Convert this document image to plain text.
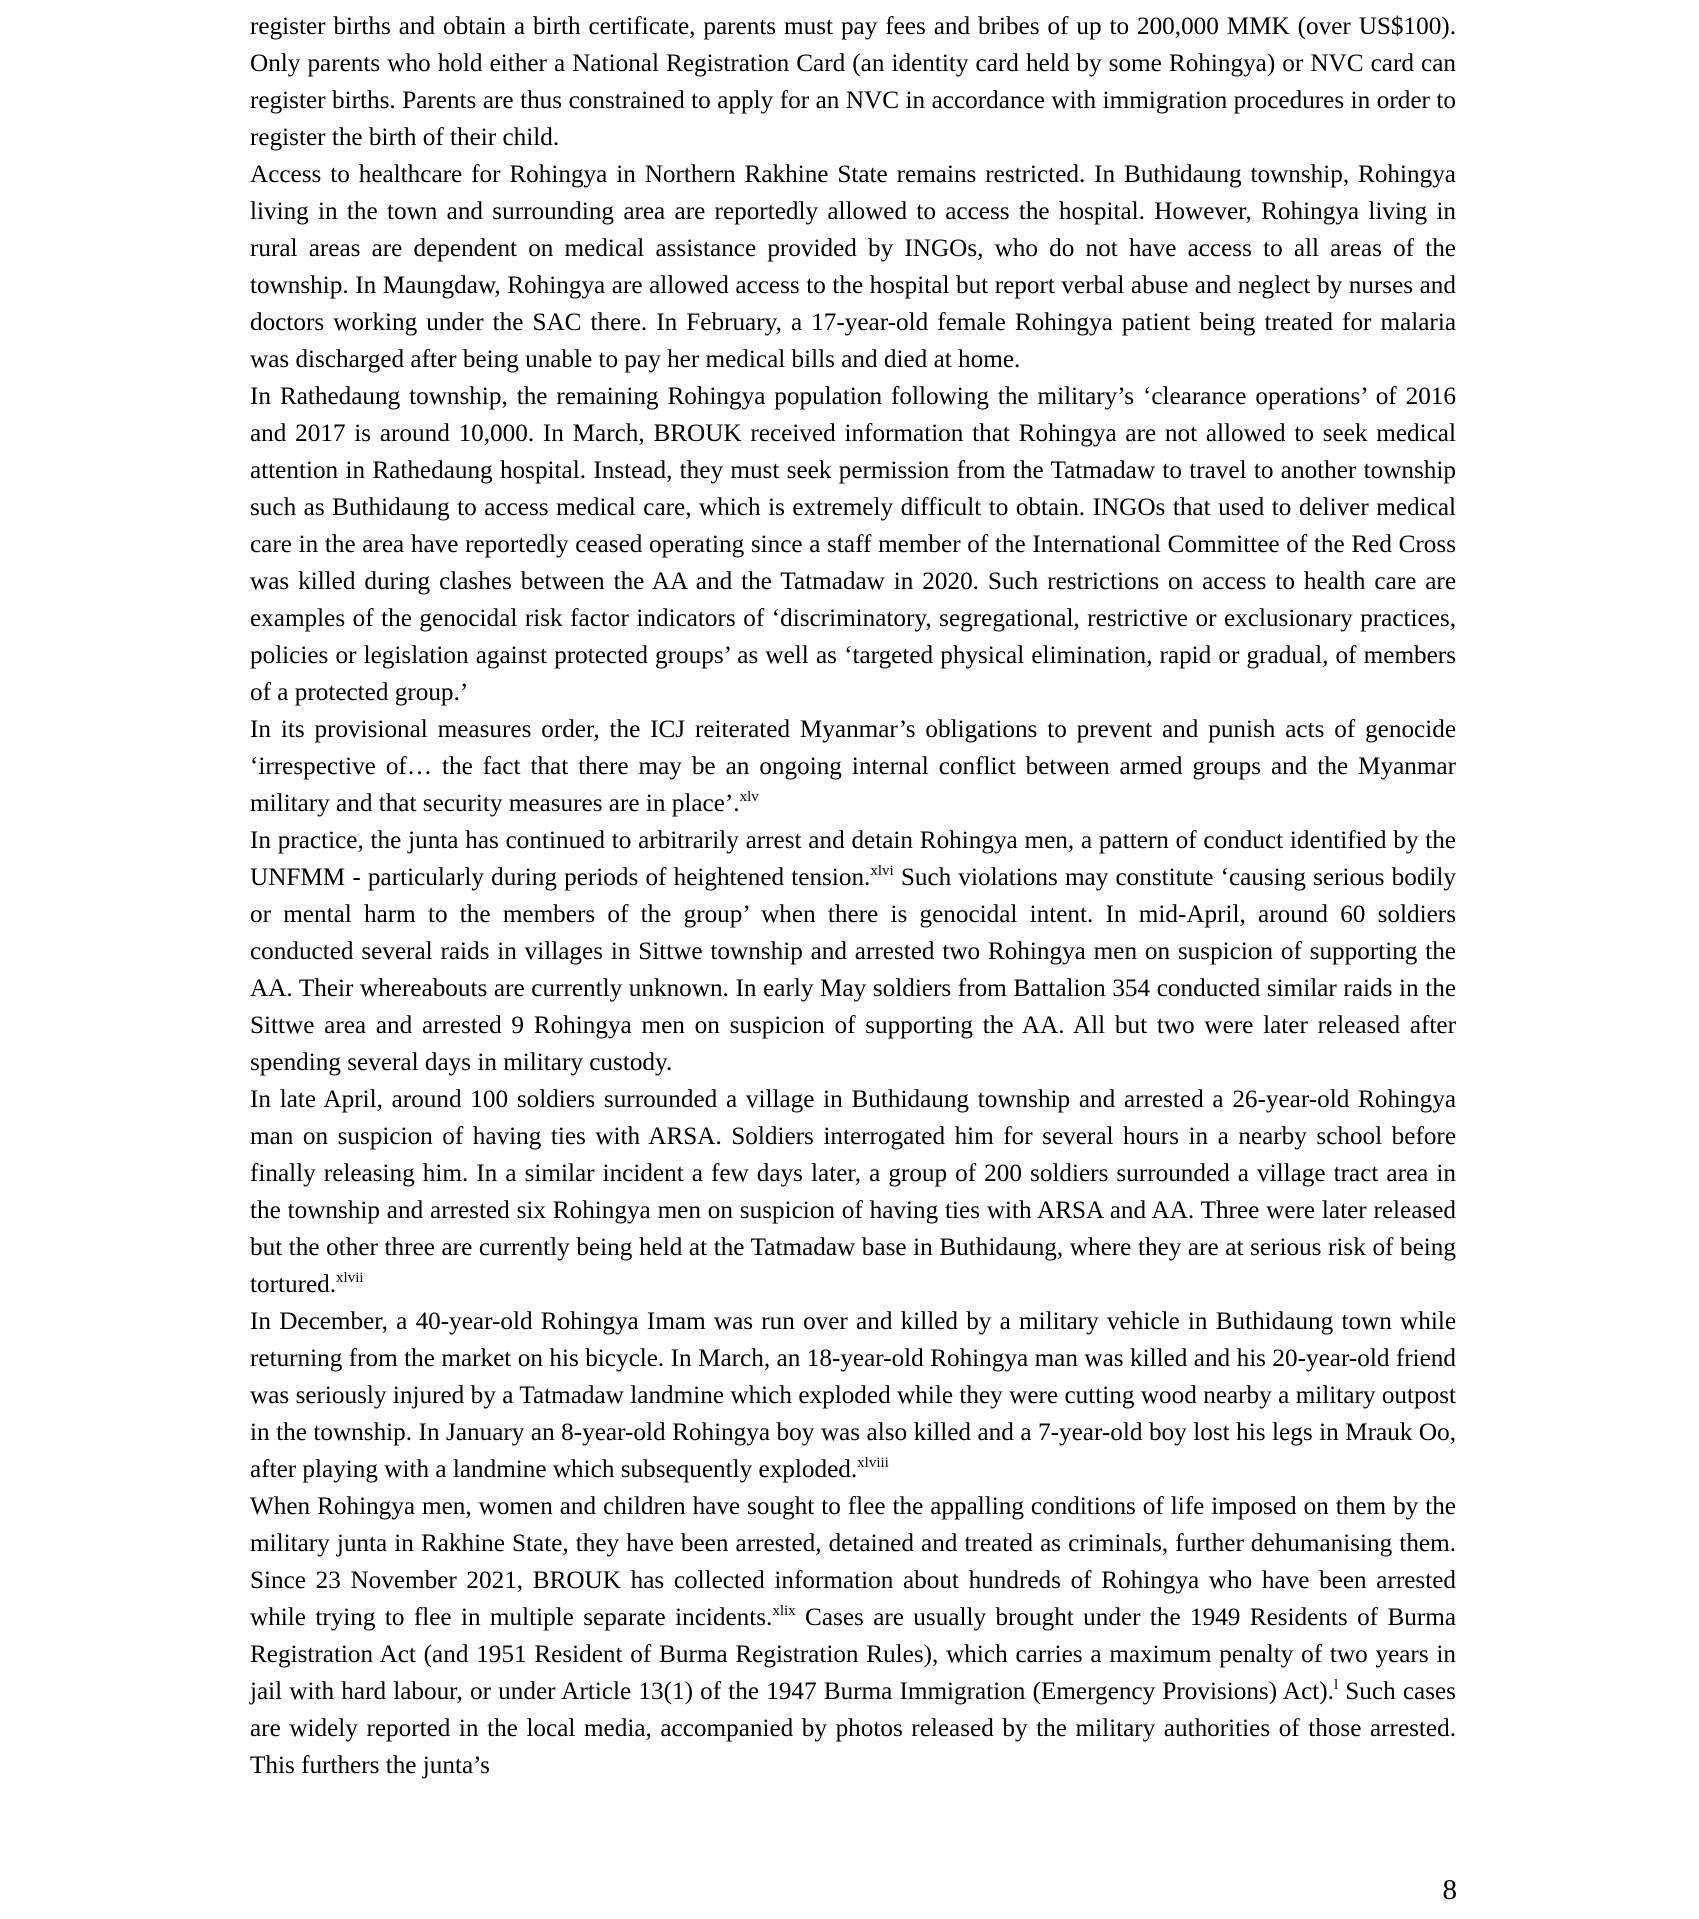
register births and obtain a birth certificate, parents must pay fees and bribes of up to 200,000 MMK (over US$100). Only parents who hold either a National Registration Card (an identity card held by some Rohingya) or NVC card can register births. Parents are thus constrained to apply for an NVC in accordance with immigration procedures in order to register the birth of their child.

Access to healthcare for Rohingya in Northern Rakhine State remains restricted. In Buthidaung township, Rohingya living in the town and surrounding area are reportedly allowed to access the hospital. However, Rohingya living in rural areas are dependent on medical assistance provided by INGOs, who do not have access to all areas of the township. In Maungdaw, Rohingya are allowed access to the hospital but report verbal abuse and neglect by nurses and doctors working under the SAC there. In February, a 17-year-old female Rohingya patient being treated for malaria was discharged after being unable to pay her medical bills and died at home.

In Rathedaung township, the remaining Rohingya population following the military’s ‘clearance operations’ of 2016 and 2017 is around 10,000. In March, BROUK received information that Rohingya are not allowed to seek medical attention in Rathedaung hospital. Instead, they must seek permission from the Tatmadaw to travel to another township such as Buthidaung to access medical care, which is extremely difficult to obtain. INGOs that used to deliver medical care in the area have reportedly ceased operating since a staff member of the International Committee of the Red Cross was killed during clashes between the AA and the Tatmadaw in 2020. Such restrictions on access to health care are examples of the genocidal risk factor indicators of ‘discriminatory, segregational, restrictive or exclusionary practices, policies or legislation against protected groups’ as well as ‘targeted physical elimination, rapid or gradual, of members of a protected group.’

In its provisional measures order, the ICJ reiterated Myanmar’s obligations to prevent and punish acts of genocide ‘irrespective of… the fact that there may be an ongoing internal conflict between armed groups and the Myanmar military and that security measures are in place’.$^{xlv}$

In practice, the junta has continued to arbitrarily arrest and detain Rohingya men, a pattern of conduct identified by the UNFMM - particularly during periods of heightened tension.$^{xlvi}$ Such violations may constitute ‘causing serious bodily or mental harm to the members of the group’ when there is genocidal intent. In mid-April, around 60 soldiers conducted several raids in villages in Sittwe township and arrested two Rohingya men on suspicion of supporting the AA. Their whereabouts are currently unknown. In early May soldiers from Battalion 354 conducted similar raids in the Sittwe area and arrested 9 Rohingya men on suspicion of supporting the AA. All but two were later released after spending several days in military custody.

In late April, around 100 soldiers surrounded a village in Buthidaung township and arrested a 26-year-old Rohingya man on suspicion of having ties with ARSA. Soldiers interrogated him for several hours in a nearby school before finally releasing him. In a similar incident a few days later, a group of 200 soldiers surrounded a village tract area in the township and arrested six Rohingya men on suspicion of having ties with ARSA and AA. Three were later released but the other three are currently being held at the Tatmadaw base in Buthidaung, where they are at serious risk of being tortured.$^{xlvii}$

In December, a 40-year-old Rohingya Imam was run over and killed by a military vehicle in Buthidaung town while returning from the market on his bicycle. In March, an 18-year-old Rohingya man was killed and his 20-year-old friend was seriously injured by a Tatmadaw landmine which exploded while they were cutting wood nearby a military outpost in the township. In January an 8-year-old Rohingya boy was also killed and a 7-year-old boy lost his legs in Mrauk Oo, after playing with a landmine which subsequently exploded.$^{xlviii}$

When Rohingya men, women and children have sought to flee the appalling conditions of life imposed on them by the military junta in Rakhine State, they have been arrested, detained and treated as criminals, further dehumanising them. Since 23 November 2021, BROUK has collected information about hundreds of Rohingya who have been arrested while trying to flee in multiple separate incidents.$^{xlix}$ Cases are usually brought under the 1949 Residents of Burma Registration Act (and 1951 Resident of Burma Registration Rules), which carries a maximum penalty of two years in jail with hard labour, or under Article 13(1) of the 1947 Burma Immigration (Emergency Provisions) Act).$^l$ Such cases are widely reported in the local media, accompanied by photos released by the military authorities of those arrested. This furthers the junta’s

8
